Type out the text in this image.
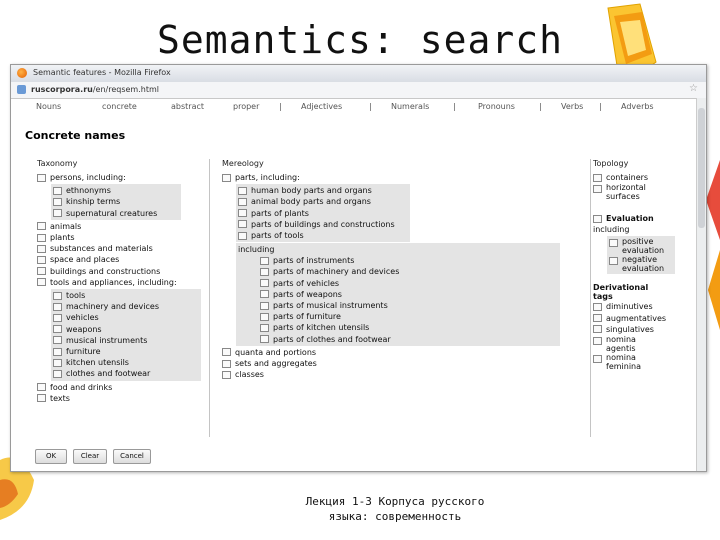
Semantics: search
Semantic features - Mozilla Firefox
ruscorpora.ru/en/reqsem.html	☆
Nouns	concrete	abstract	proper | Adjectives	| Numerals	|	Pronouns	| Verbs | Adverbs
Concrete names
Taxonomy
persons, including:
ethnonyms
kinship terms
supernatural creatures
animals
plants
substances and materials
space and places
buildings and constructions
tools and appliances, including:
tools
machinery and devices
vehicles
weapons
musical instruments
furniture
kitchen utensils
clothes and footwear
food and drinks
texts
Mereology
parts, including:
human body parts and organs
animal body parts and organs
parts of plants
parts of buildings and constructions
parts of tools
including
parts of instruments
parts of machinery and devices
parts of vehicles
parts of weapons
parts of musical instruments
parts of furniture
parts of kitchen utensils
parts of clothes and footwear
quanta and portions
sets and aggregates
classes
Topology
containers
horizontal surfaces
Evaluation
including
positive evaluation
negative evaluation
Derivational tags
diminutives
augmentatives
singulatives
nomina agentis
nomina feminina
OK	Clear	Cancel
Лекция 1-3 Корпуса русского
языка: современность
